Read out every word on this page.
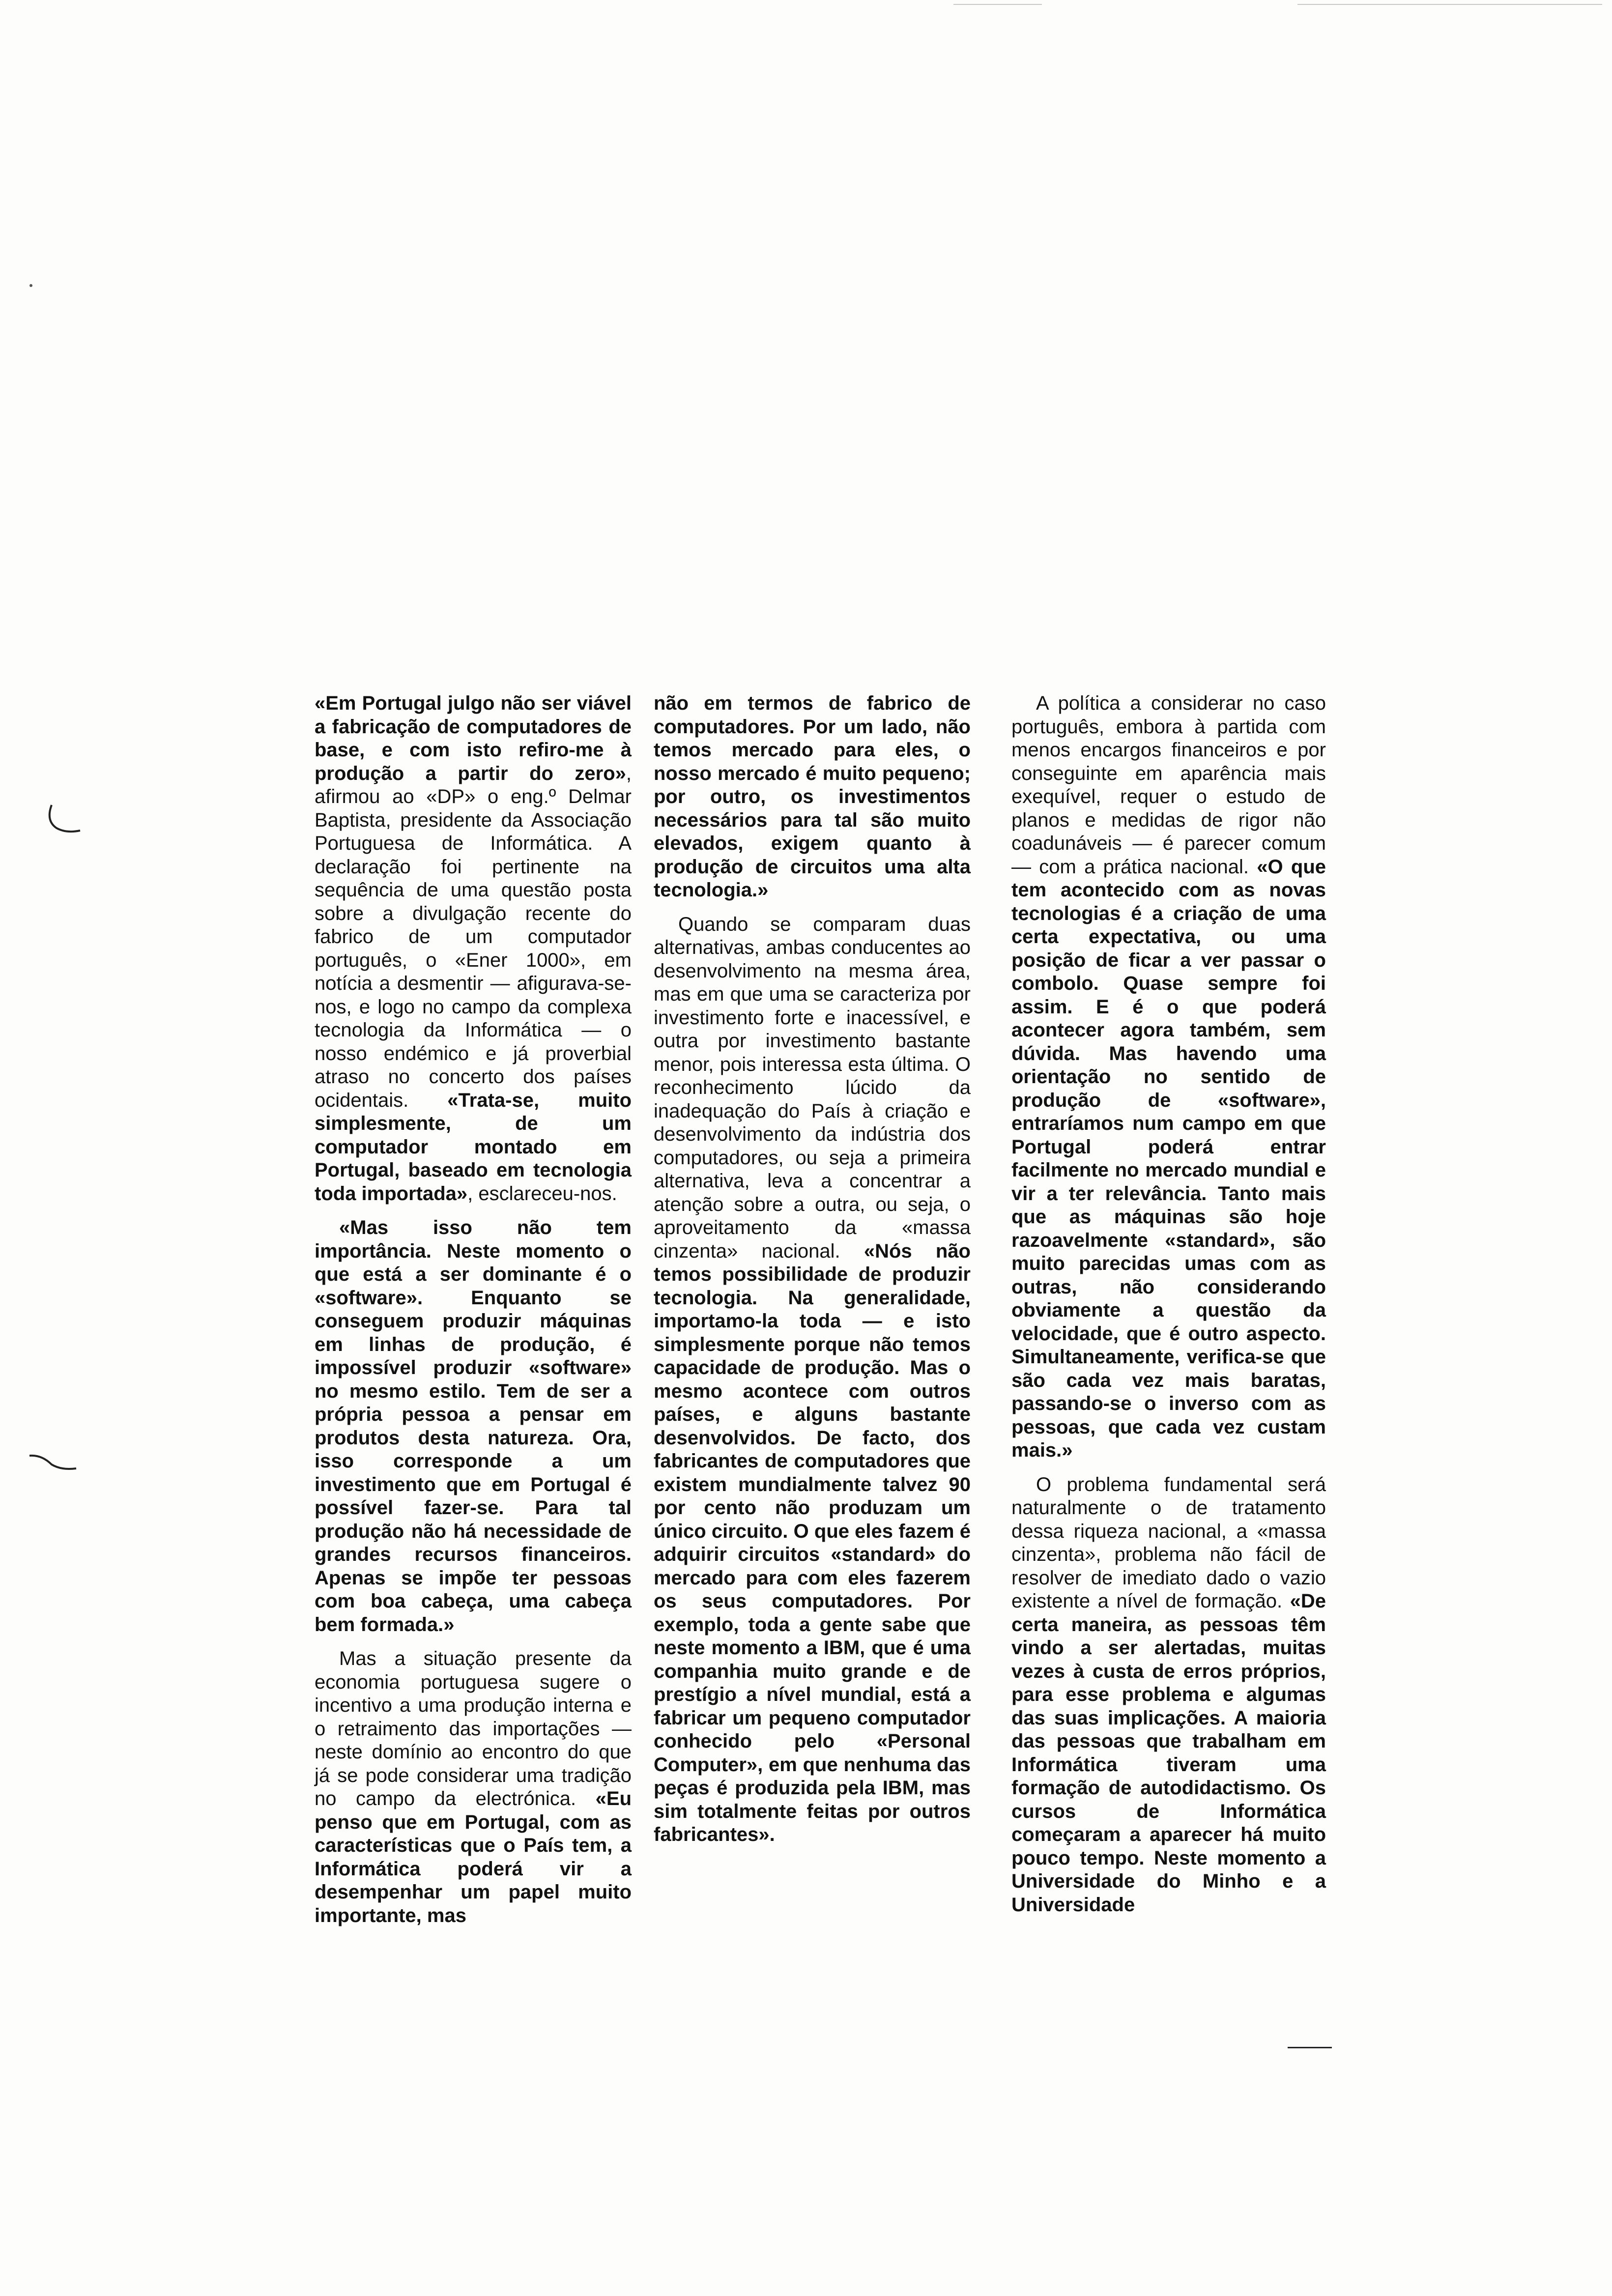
«Em Portugal julgo não ser viável a fabricação de computadores de base, e com isto refiro-me à produção a partir do zero», afirmou ao «DP» o eng.º Delmar Baptista, presidente da Associação Portuguesa de Informática. A declaração foi pertinente na sequência de uma questão posta sobre a divulgação recente do fabrico de um computador português, o «Ener 1000», em notícia a desmentir — afigurava-se-nos, e logo no campo da complexa tecnologia da Informática — o nosso endémico e já proverbial atraso no concerto dos países ocidentais. «Trata-se, muito simplesmente, de um computador montado em Portugal, baseado em tecnologia toda importada», esclareceu-nos.

«Mas isso não tem importância. Neste momento o que está a ser dominante é o «software». Enquanto se conseguem produzir máquinas em linhas de produção, é impossível produzir «software» no mesmo estilo. Tem de ser a própria pessoa a pensar em produtos desta natureza. Ora, isso corresponde a um investimento que em Portugal é possível fazer-se. Para tal produção não há necessidade de grandes recursos financeiros. Apenas se impõe ter pessoas com boa cabeça, uma cabeça bem formada.»

Mas a situação presente da economia portuguesa sugere o incentivo a uma produção interna e o retraimento das importações — neste domínio ao encontro do que já se pode considerar uma tradição no campo da electrónica. «Eu penso que em Portugal, com as características que o País tem, a Informática poderá vir a desempenhar um papel muito importante, mas

não em termos de fabrico de computadores. Por um lado, não temos mercado para eles, o nosso mercado é muito pequeno; por outro, os investimentos necessários para tal são muito elevados, exigem quanto à produção de circuitos uma alta tecnologia.»

Quando se comparam duas alternativas, ambas conducentes ao desenvolvimento na mesma área, mas em que uma se caracteriza por investimento forte e inacessível, e outra por investimento bastante menor, pois interessa esta última. O reconhecimento lúcido da inadequação do País à criação e desenvolvimento da indústria dos computadores, ou seja a primeira alternativa, leva a concentrar a atenção sobre a outra, ou seja, o aproveitamento da «massa cinzenta» nacional. «Nós não temos possibilidade de produzir tecnologia. Na generalidade, importamo-la toda — e isto simplesmente porque não temos capacidade de produção. Mas o mesmo acontece com outros países, e alguns bastante desenvolvidos. De facto, dos fabricantes de computadores que existem mundialmente talvez 90 por cento não produzam um único circuito. O que eles fazem é adquirir circuitos «standard» do mercado para com eles fazerem os seus computadores. Por exemplo, toda a gente sabe que neste momento a IBM, que é uma companhia muito grande e de prestígio a nível mundial, está a fabricar um pequeno computador conhecido pelo «Personal Computer», em que nenhuma das peças é produzida pela IBM, mas sim totalmente feitas por outros fabricantes».

A política a considerar no caso português, embora à partida com menos encargos financeiros e por conseguinte em aparência mais exequível, requer o estudo de planos e medidas de rigor não coadunáveis — é parecer comum — com a prática nacional. «O que tem acontecido com as novas tecnologias é a criação de uma certa expectativa, ou uma posição de ficar a ver passar o combolo. Quase sempre foi assim. E é o que poderá acontecer agora também, sem dúvida. Mas havendo uma orientação no sentido de produção de «software», entraríamos num campo em que Portugal poderá entrar facilmente no mercado mundial e vir a ter relevância. Tanto mais que as máquinas são hoje razoavelmente «standard», são muito parecidas umas com as outras, não considerando obviamente a questão da velocidade, que é outro aspecto. Simultaneamente, verifica-se que são cada vez mais baratas, passando-se o inverso com as pessoas, que cada vez custam mais.»

O problema fundamental será naturalmente o de tratamento dessa riqueza nacional, a «massa cinzenta», problema não fácil de resolver de imediato dado o vazio existente a nível de formação. «De certa maneira, as pessoas têm vindo a ser alertadas, muitas vezes à custa de erros próprios, para esse problema e algumas das suas implicações. A maioria das pessoas que trabalham em Informática tiveram uma formação de autodidactismo. Os cursos de Informática começaram a aparecer há muito pouco tempo. Neste momento a Universidade do Minho e a Universidade
